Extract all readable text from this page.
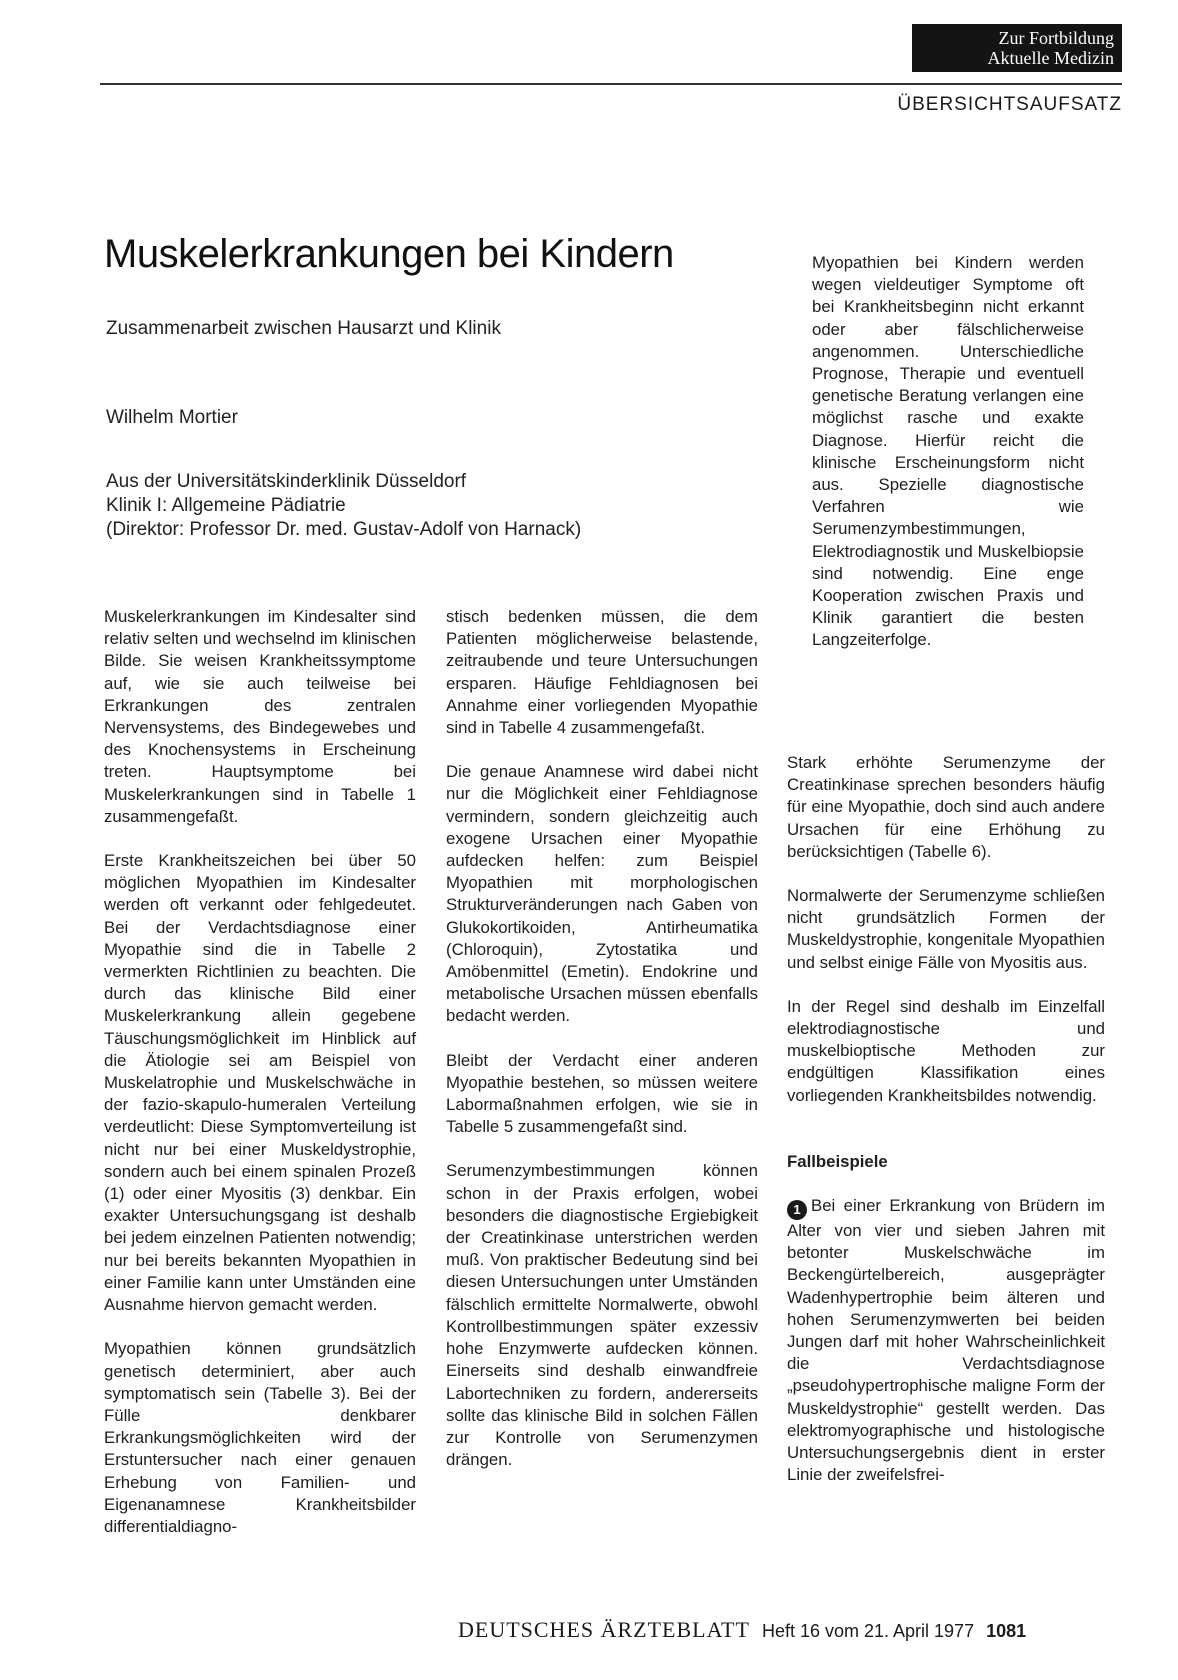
Zur Fortbildung
Aktuelle Medizin
ÜBERSICHTSAUFSATZ
Muskelerkrankungen bei Kindern
Zusammenarbeit zwischen Hausarzt und Klinik
Wilhelm Mortier
Aus der Universitätskinderklinik Düsseldorf
Klinik I: Allgemeine Pädiatrie
(Direktor: Professor Dr. med. Gustav-Adolf von Harnack)
Myopathien bei Kindern werden wegen vieldeutiger Symptome oft bei Krankheitsbeginn nicht erkannt oder aber fälschlicherweise angenommen. Unterschiedliche Prognose, Therapie und eventuell genetische Beratung verlangen eine möglichst rasche und exakte Diagnose. Hierfür reicht die klinische Erscheinungsform nicht aus. Spezielle diagnostische Verfahren wie Serumenzymbestimmungen, Elektrodiagnostik und Muskelbiopsie sind notwendig. Eine enge Kooperation zwischen Praxis und Klinik garantiert die besten Langzeiterfolge.

Muskelerkrankungen im Kindesalter sind relativ selten und wechselnd im klinischen Bilde. Sie weisen Krankheitssymptome auf, wie sie auch teilweise bei Erkrankungen des zentralen Nervensystems, des Bindegewebes und des Knochensystems in Erscheinung treten. Hauptsymptome bei Muskelerkrankungen sind in Tabelle 1 zusammengefaßt.

Erste Krankheitszeichen bei über 50 möglichen Myopathien im Kindesalter werden oft verkannt oder fehlgedeutet. Bei der Verdachtsdiagnose einer Myopathie sind die in Tabelle 2 vermerkten Richtlinien zu beachten. Die durch das klinische Bild einer Muskelerkrankung allein gegebene Täuschungsmöglichkeit im Hinblick auf die Ätiologie sei am Beispiel von Muskelatrophie und Muskelschwäche in der fazio-skapulo-humeralen Verteilung verdeutlicht: Diese Symptomverteilung ist nicht nur bei einer Muskeldystrophie, sondern auch bei einem spinalen Prozeß (1) oder einer Myositis (3) denkbar. Ein exakter Untersuchungsgang ist deshalb bei jedem einzelnen Patienten notwendig; nur bei bereits bekannten Myopathien in einer Familie kann unter Umständen eine Ausnahme hiervon gemacht werden.

Myopathien können grundsätzlich genetisch determiniert, aber auch symptomatisch sein (Tabelle 3). Bei der Fülle denkbarer Erkrankungsmöglichkeiten wird der Erstuntersucher nach einer genauen Erhebung von Familien- und Eigenanamnese Krankheitsbilder differentialdiagno-

stisch bedenken müssen, die dem Patienten möglicherweise belastende, zeitraubende und teure Untersuchungen ersparen. Häufige Fehldiagnosen bei Annahme einer vorliegenden Myopathie sind in Tabelle 4 zusammengefaßt.

Die genaue Anamnese wird dabei nicht nur die Möglichkeit einer Fehldiagnose vermindern, sondern gleichzeitig auch exogene Ursachen einer Myopathie aufdecken helfen: zum Beispiel Myopathien mit morphologischen Strukturveränderungen nach Gaben von Glukokortikoiden, Antirheumatika (Chloroquin), Zytostatika und Amöbenmittel (Emetin). Endokrine und metabolische Ursachen müssen ebenfalls bedacht werden.

Bleibt der Verdacht einer anderen Myopathie bestehen, so müssen weitere Labormaßnahmen erfolgen, wie sie in Tabelle 5 zusammengefaßt sind.

Serumenzymbestimmungen können schon in der Praxis erfolgen, wobei besonders die diagnostische Ergiebigkeit der Creatinkinase unterstrichen werden muß. Von praktischer Bedeutung sind bei diesen Untersuchungen unter Umständen fälschlich ermittelte Normalwerte, obwohl Kontrollbestimmungen später exzessiv hohe Enzymwerte aufdecken können. Einerseits sind deshalb einwandfreie Labortechniken zu fordern, andererseits sollte das klinische Bild in solchen Fällen zur Kontrolle von Serumenzymen drängen.

Stark erhöhte Serumenzyme der Creatinkinase sprechen besonders häufig für eine Myopathie, doch sind auch andere Ursachen für eine Erhöhung zu berücksichtigen (Tabelle 6).

Normalwerte der Serumenzyme schließen nicht grundsätzlich Formen der Muskeldystrophie, kongenitale Myopathien und selbst einige Fälle von Myositis aus.

In der Regel sind deshalb im Einzelfall elektrodiagnostische und muskelbioptische Methoden zur endgültigen Klassifikation eines vorliegenden Krankheitsbildes notwendig.

Fallbeispiele

1 Bei einer Erkrankung von Brüdern im Alter von vier und sieben Jahren mit betonter Muskelschwäche im Beckengürtelbereich, ausgeprägter Wadenhypertrophie beim älteren und hohen Serumenzymwerten bei beiden Jungen darf mit hoher Wahrscheinlichkeit die Verdachtsdiagnose „pseudohypertrophische maligne Form der Muskeldystrophie“ gestellt werden. Das elektromyographische und histologische Untersuchungsergebnis dient in erster Linie der zweifelsfrei-

DEUTSCHES ÄRZTEBLATT Heft 16 vom 21. April 1977 1081
